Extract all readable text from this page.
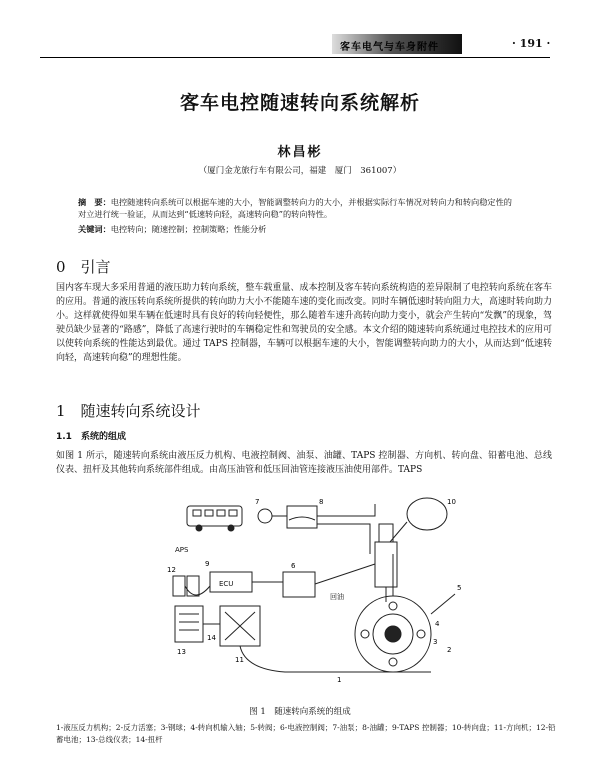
客车电气与车身附件	· 191 ·
客车电控随速转向系统解析
林昌彬
（厦门金龙旅行车有限公司，福建　厦门　361007）
摘　要：电控随速转向系统可以根据车速的大小，智能调整转向力的大小，并根据实际行车情况对转向力和转向稳定性的对立进行统一验证，从而达到“低速转向轻，高速转向稳”的转向特性。
关键词：电控转向；随速控制；控制策略；性能分析
0　引言
国内客车现大多采用普通的液压助力转向系统，整车载重量、成本控制及客车转向系统构造的差异限制了电控转向系统在客车的应用。普通的液压转向系统所提供的转向助力大小不能随车速的变化而改变。同时车辆低速时转向阻力大，高速时转向助力小。这样就使得如果车辆在低速时具有良好的转向轻便性，那么随着车速升高转向助力变小，就会产生转向“发飘”的现象，驾驶员缺少显著的“路感”，降低了高速行驶时的车辆稳定性和驾驶员的安全感。本文介绍的随速转向系统通过电控技术的应用可以使转向系统的性能达到最优。通过 TAPS 控制器，车辆可以根据车速的大小，智能调整转向助力的大小，从而达到“低速转向轻，高速转向稳”的理想性能。
1　随速转向系统设计
1.1　系统的组成
如图 1 所示，随速转向系统由液压反力机构、电液控制阀、油泵、油罐、TAPS 控制器、方向机、转向盘、铅蓄电池、总线仪表、扭杆及其他转向系统部件组成。由高压油管和低压回油管连接液压油使用部件。TAPS
APS
ECU
回油
1
2
3
4
5
6
7	8
9
10
11
12
13
14
图 1　随速转向系统的组成
1-液压反力机构；2-反力活塞；3-钢球；4-转向机输入轴；5-转阀；6-电液控制阀；7-油泵；8-油罐；9-TAPS 控制器；10-转向盘；11-方向机；12-铅蓄电池；13-总线仪表；14-扭杆
